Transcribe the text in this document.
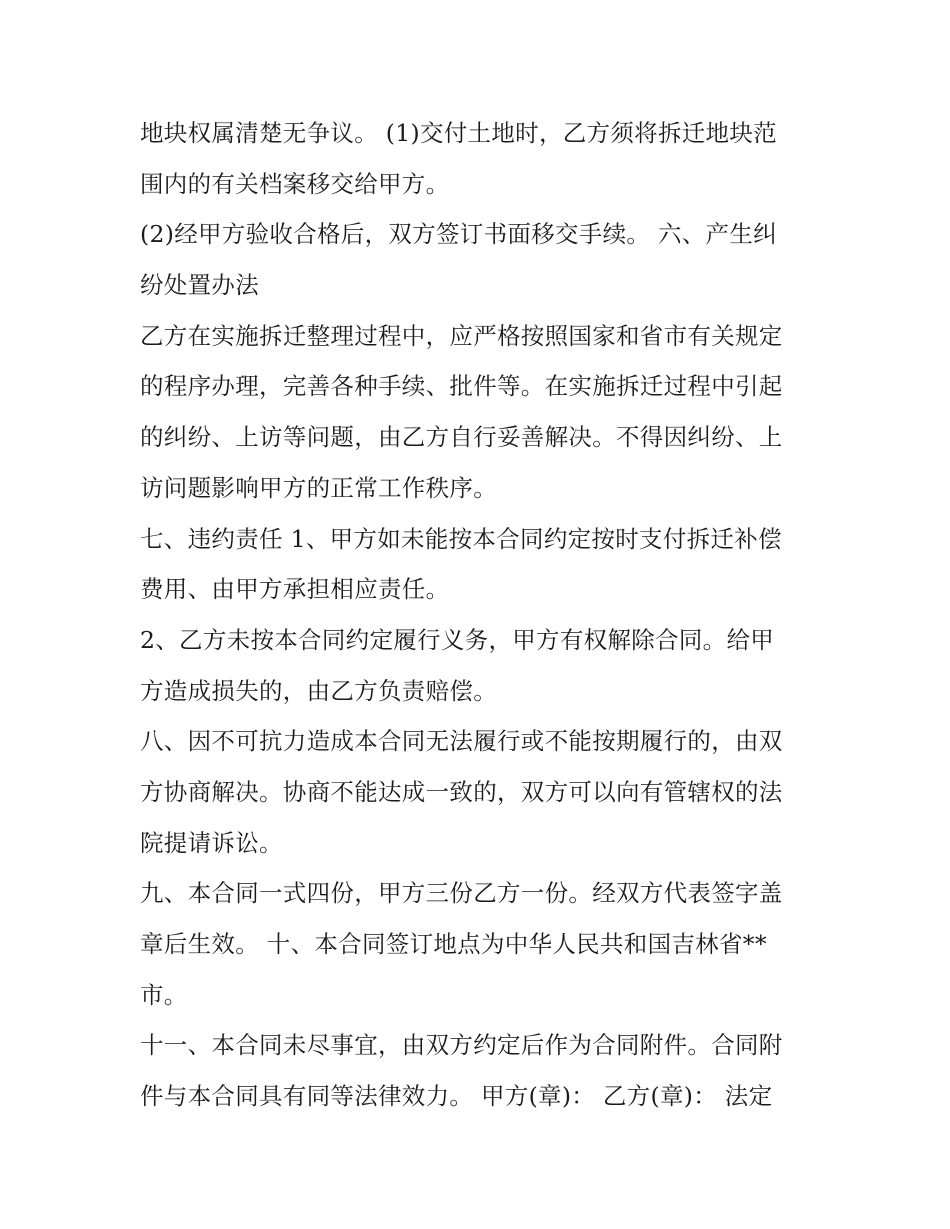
地块权属清楚无争议。 (1)交付土地时，乙方须将拆迁地块范
围内的有关档案移交给甲方。
(2)经甲方验收合格后，双方签订书面移交手续。 六、产生纠
纷处置办法
乙方在实施拆迁整理过程中，应严格按照国家和省市有关规定
的程序办理，完善各种手续、批件等。在实施拆迁过程中引起
的纠纷、上访等问题，由乙方自行妥善解决。不得因纠纷、上
访问题影响甲方的正常工作秩序。
七、违约责任 1、甲方如未能按本合同约定按时支付拆迁补偿
费用、由甲方承担相应责任。
2、乙方未按本合同约定履行义务，甲方有权解除合同。给甲
方造成损失的，由乙方负责赔偿。
八、因不可抗力造成本合同无法履行或不能按期履行的，由双
方协商解决。协商不能达成一致的，双方可以向有管辖权的法
院提请诉讼。
九、本合同一式四份，甲方三份乙方一份。经双方代表签字盖
章后生效。 十、本合同签订地点为中华人民共和国吉林省**
市。
十一、本合同未尽事宜，由双方约定后作为合同附件。合同附
件与本合同具有同等法律效力。 甲方(章)： 乙方(章)： 法定
